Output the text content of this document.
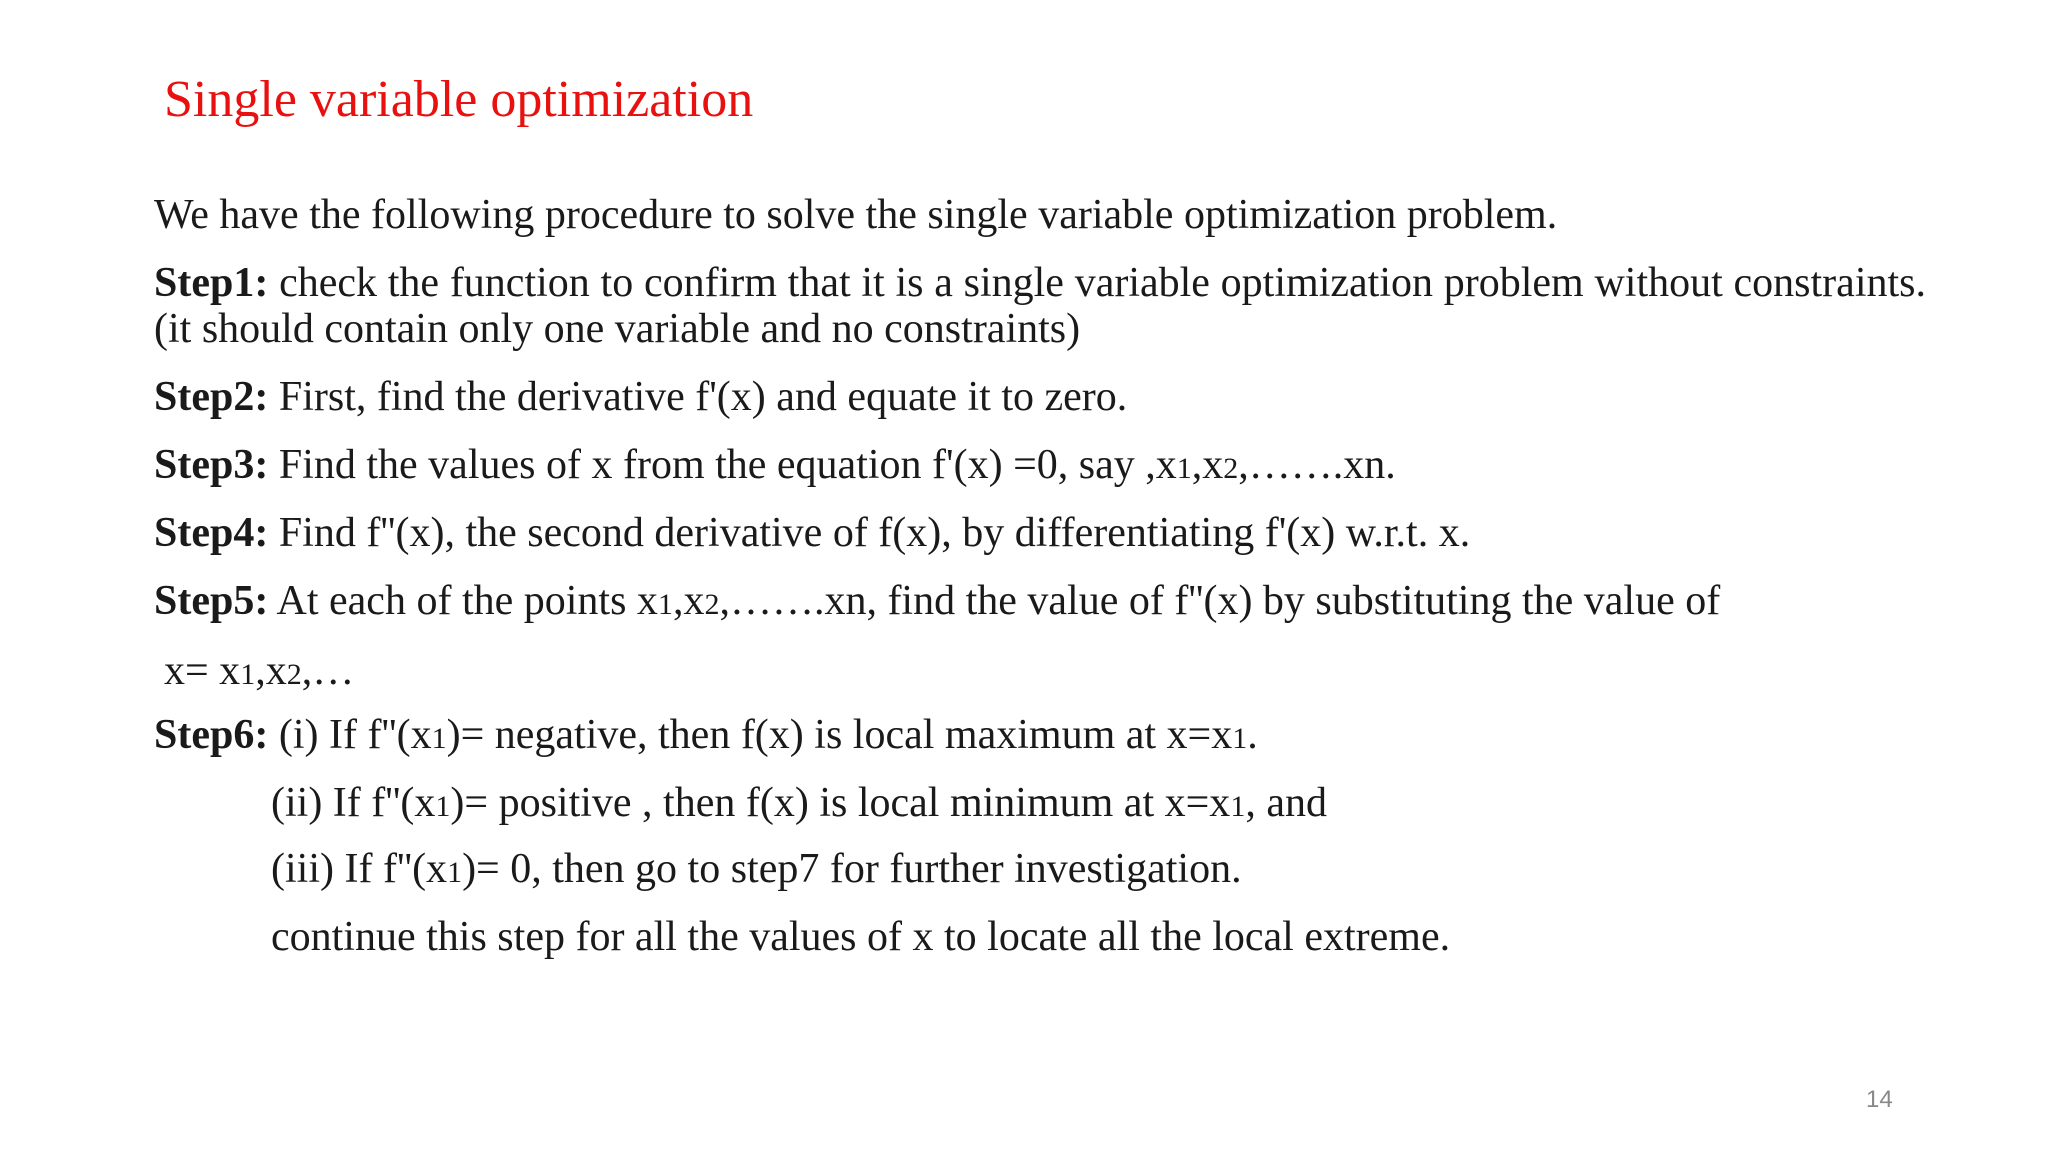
Single variable optimization
We have the following procedure to solve the single variable optimization problem.
Step1: check the function to confirm that it is a single variable optimization problem without constraints.(it should contain only one variable and no constraints)
Step2: First, find the derivative f'(x) and equate it to zero.
Step3: Find the values of x from the equation f'(x) =0, say ,x1,x2,…….xn.
Step4: Find f''(x), the second derivative of f(x), by differentiating f'(x) w.r.t. x.
Step5: At each of the points x1,x2,…….xn, find the value of f''(x) by substituting the value of
x= x1,x2,…
Step6: (i) If f''(x1)= negative, then f(x) is local maximum at x=x1.
(ii) If f''(x1)= positive , then f(x) is local minimum at x=x1, and
(iii) If f''(x1)= 0, then go to step7 for further investigation.
continue this step for all the values of x to locate all the local extreme.
14
